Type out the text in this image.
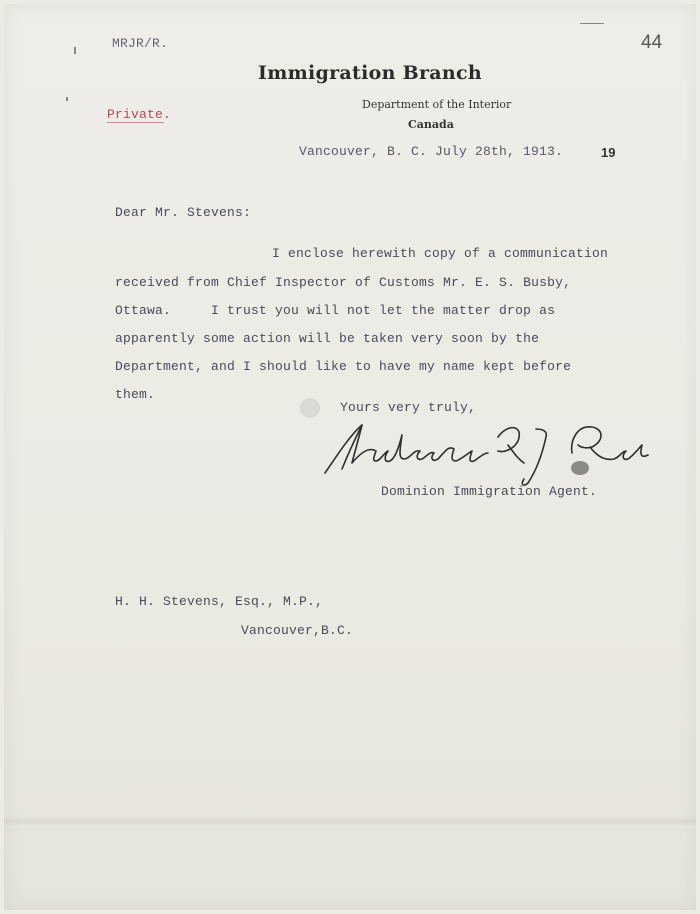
MRJR/R.	44
Immigration Branch
Department of the Interior
Canada
Private.
Vancouver, B. C. July 28th, 1913.	19
Dear Mr. Stevens:
I enclose herewith copy of a communication
received from Chief Inspector of Customs Mr. E. S. Busby,
Ottawa.     I trust you will not let the matter drop as
apparently some action will be taken very soon by the
Department, and I should like to have my name kept before
them.
Yours very truly,
Dominion Immigration Agent.
H. H. Stevens, Esq., M.P.,
Vancouver,B.C.
